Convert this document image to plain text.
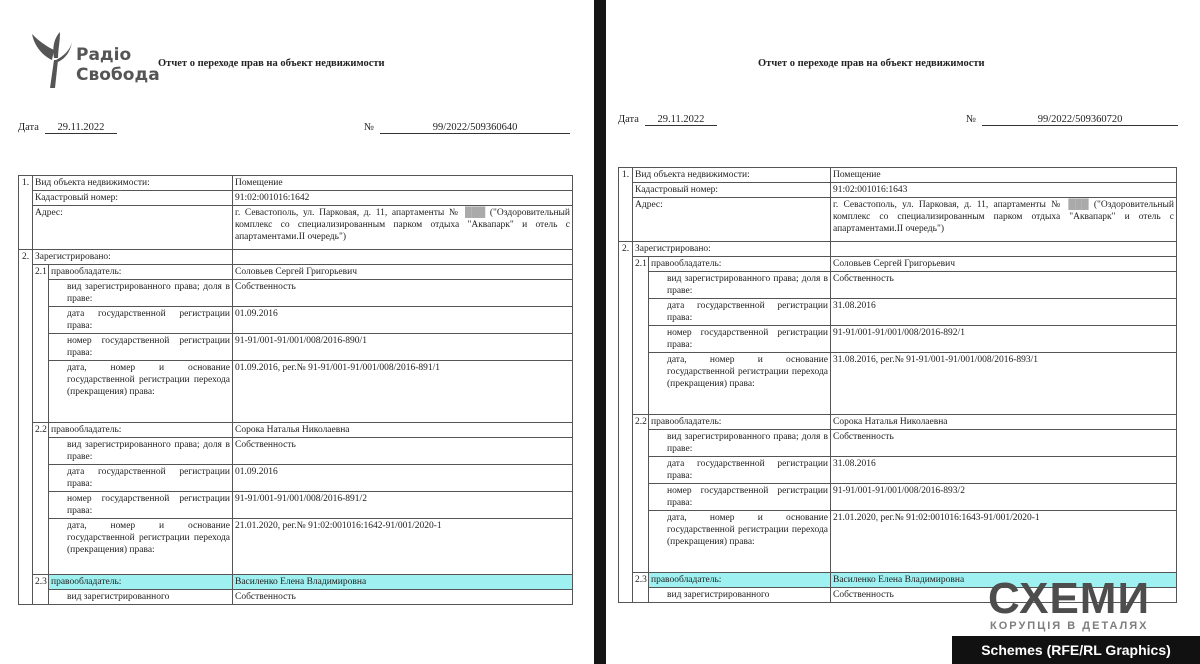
Радіо
Свобода
Отчет о переходе прав на объект недвижимости
Дата 29.11.2022	№	99/2022/509360640
1.	Вид объекта недвижимости:		Помещение
	Кадастровый номер:		91:02:001016:1642
	Адрес:		г. Севастополь, ул. Парковая, д. 11, апартаменты № ███ ("Оздоровительный комплекс со специализированным парком отдыха "Аквапарк" и отель с апартаментами.II очередь")
2.	Зарегистрировано:		
	2.1	правообладатель:	Соловьев Сергей Григорьевич
		вид зарегистрированного права; доля в праве:	Собственность
		дата государственной регистрации права:	01.09.2016
		номер государственной регистрации права:	91-91/001-91/001/008/2016-890/1
		дата, номер и основание государственной регистрации перехода (прекращения) права:	01.09.2016, рег.№ 91-91/001-91/001/008/2016-891/1
	2.2	правообладатель:	Сорока Наталья Николаевна
		вид зарегистрированного права; доля в праве:	Собственность
		дата государственной регистрации права:	01.09.2016
		номер государственной регистрации права:	91-91/001-91/001/008/2016-891/2
		дата, номер и основание государственной регистрации перехода (прекращения) права:	21.01.2020, рег.№ 91:02:001016:1642-91/001/2020-1
	2.3	правообладатель:	Василенко Елена Владимировна
		вид зарегистрированного	Собственность
Отчет о переходе прав на объект недвижимости
Дата 29.11.2022	№	99/2022/509360720
1.	Вид объекта недвижимости:		Помещение
	Кадастровый номер:		91:02:001016:1643
	Адрес:		г. Севастополь, ул. Парковая, д. 11, апартаменты № ███ ("Оздоровительный комплекс со специализированным парком отдыха "Аквапарк" и отель с апартаментами.II очередь")
2.	Зарегистрировано:		
	2.1	правообладатель:	Соловьев Сергей Григорьевич
		вид зарегистрированного права; доля в праве:	Собственность
		дата государственной регистрации права:	31.08.2016
		номер государственной регистрации права:	91-91/001-91/001/008/2016-892/1
		дата, номер и основание государственной регистрации перехода (прекращения) права:	31.08.2016, рег.№ 91-91/001-91/001/008/2016-893/1
	2.2	правообладатель:	Сорока Наталья Николаевна
		вид зарегистрированного права; доля в праве:	Собственность
		дата государственной регистрации права:	31.08.2016
		номер государственной регистрации права:	91-91/001-91/001/008/2016-893/2
		дата, номер и основание государственной регистрации перехода (прекращения) права:	21.01.2020, рег.№ 91:02:001016:1643-91/001/2020-1
	2.3	правообладатель:	Василенко Елена Владимировна
		вид зарегистрированного	Собственность СХЕМИ
КОРУПЦІЯ В ДЕТАЛЯХ
Schemes (RFE/RL Graphics)
